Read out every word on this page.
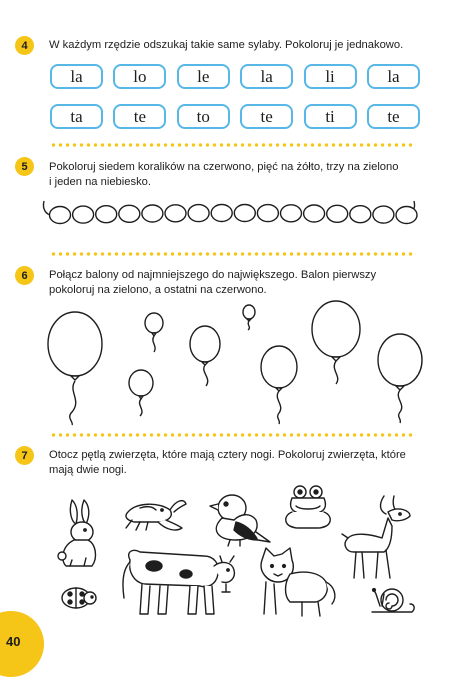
4	W każdym rzędzie odszukaj takie same sylaby. Pokoloruj je jednakowo.
la	lo	le	la	li	la
ta	te	to	te	ti	te
5	Pokoloruj siedem koralików na czerwono, pięć na żółto, trzy na zielono i jeden na niebiesko.
6	Połącz balony od najmniejszego do największego. Balon pierwszy pokoloruj na zielono, a ostatni na czerwono.
7	Otocz pętlą zwierzęta, które mają cztery nogi. Pokoloruj zwierzęta, które mają dwie nogi.
40
